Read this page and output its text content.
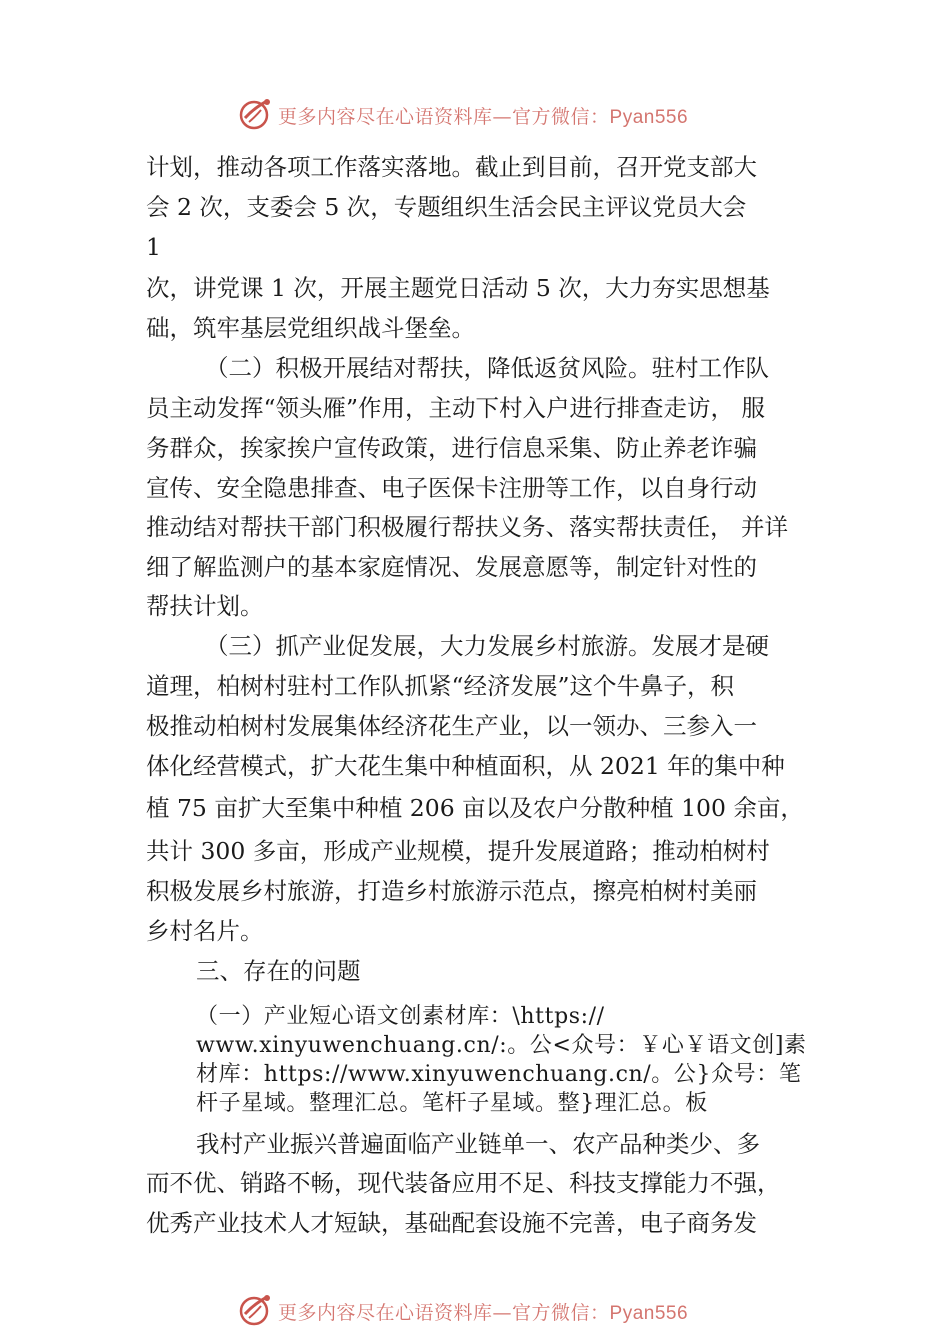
更多内容尽在心语资料库—官方微信：Pyan556
计划，推动各项工作落实落地。截止到目前，召开党支部大
会 2 次，支委会 5 次，专题组织生活会民主评议党员大会
1
次，讲党课 1 次，开展主题党日活动 5 次，大力夯实思想基
础，筑牢基层党组织战斗堡垒。
（二）积极开展结对帮扶，降低返贫风险。驻村工作队
员主动发挥“领头雁”作用，主动下村入户进行排查走访， 服
务群众，挨家挨户宣传政策，进行信息采集、防止养老诈骗
宣传、安全隐患排查、电子医保卡注册等工作，以自身行动
推动结对帮扶干部门积极履行帮扶义务、落实帮扶责任， 并详
细了解监测户的基本家庭情况、发展意愿等，制定针对性的
帮扶计划。
（三）抓产业促发展，大力发展乡村旅游。发展才是硬
道理，柏树村驻村工作队抓紧“经济发展”这个牛鼻子，积
极推动柏树村发展集体经济花生产业，以一领办、三参入一
体化经营模式，扩大花生集中种植面积，从 2021 年的集中种
植 75 亩扩大至集中种植 206 亩以及农户分散种植 100 余亩，
共计 300 多亩，形成产业规模，提升发展道路；推动柏树村
积极发展乡村旅游，打造乡村旅游示范点，擦亮柏树村美丽
乡村名片。
三、存在的问题
（一）产业短心语文创素材库：\https://
www.xinyuwenchuang.cn/:。公<众号：￥心￥语文创]素
材库：https://www.xinyuwenchuang.cn/。公}众号：笔
杆子星域。整理汇总。笔杆子星域。整}理汇总。板
我村产业振兴普遍面临产业链单一、农产品种类少、多
而不优、销路不畅，现代装备应用不足、科技支撑能力不强，
优秀产业技术人才短缺，基础配套设施不完善，电子商务发
更多内容尽在心语资料库—官方微信：Pyan556
